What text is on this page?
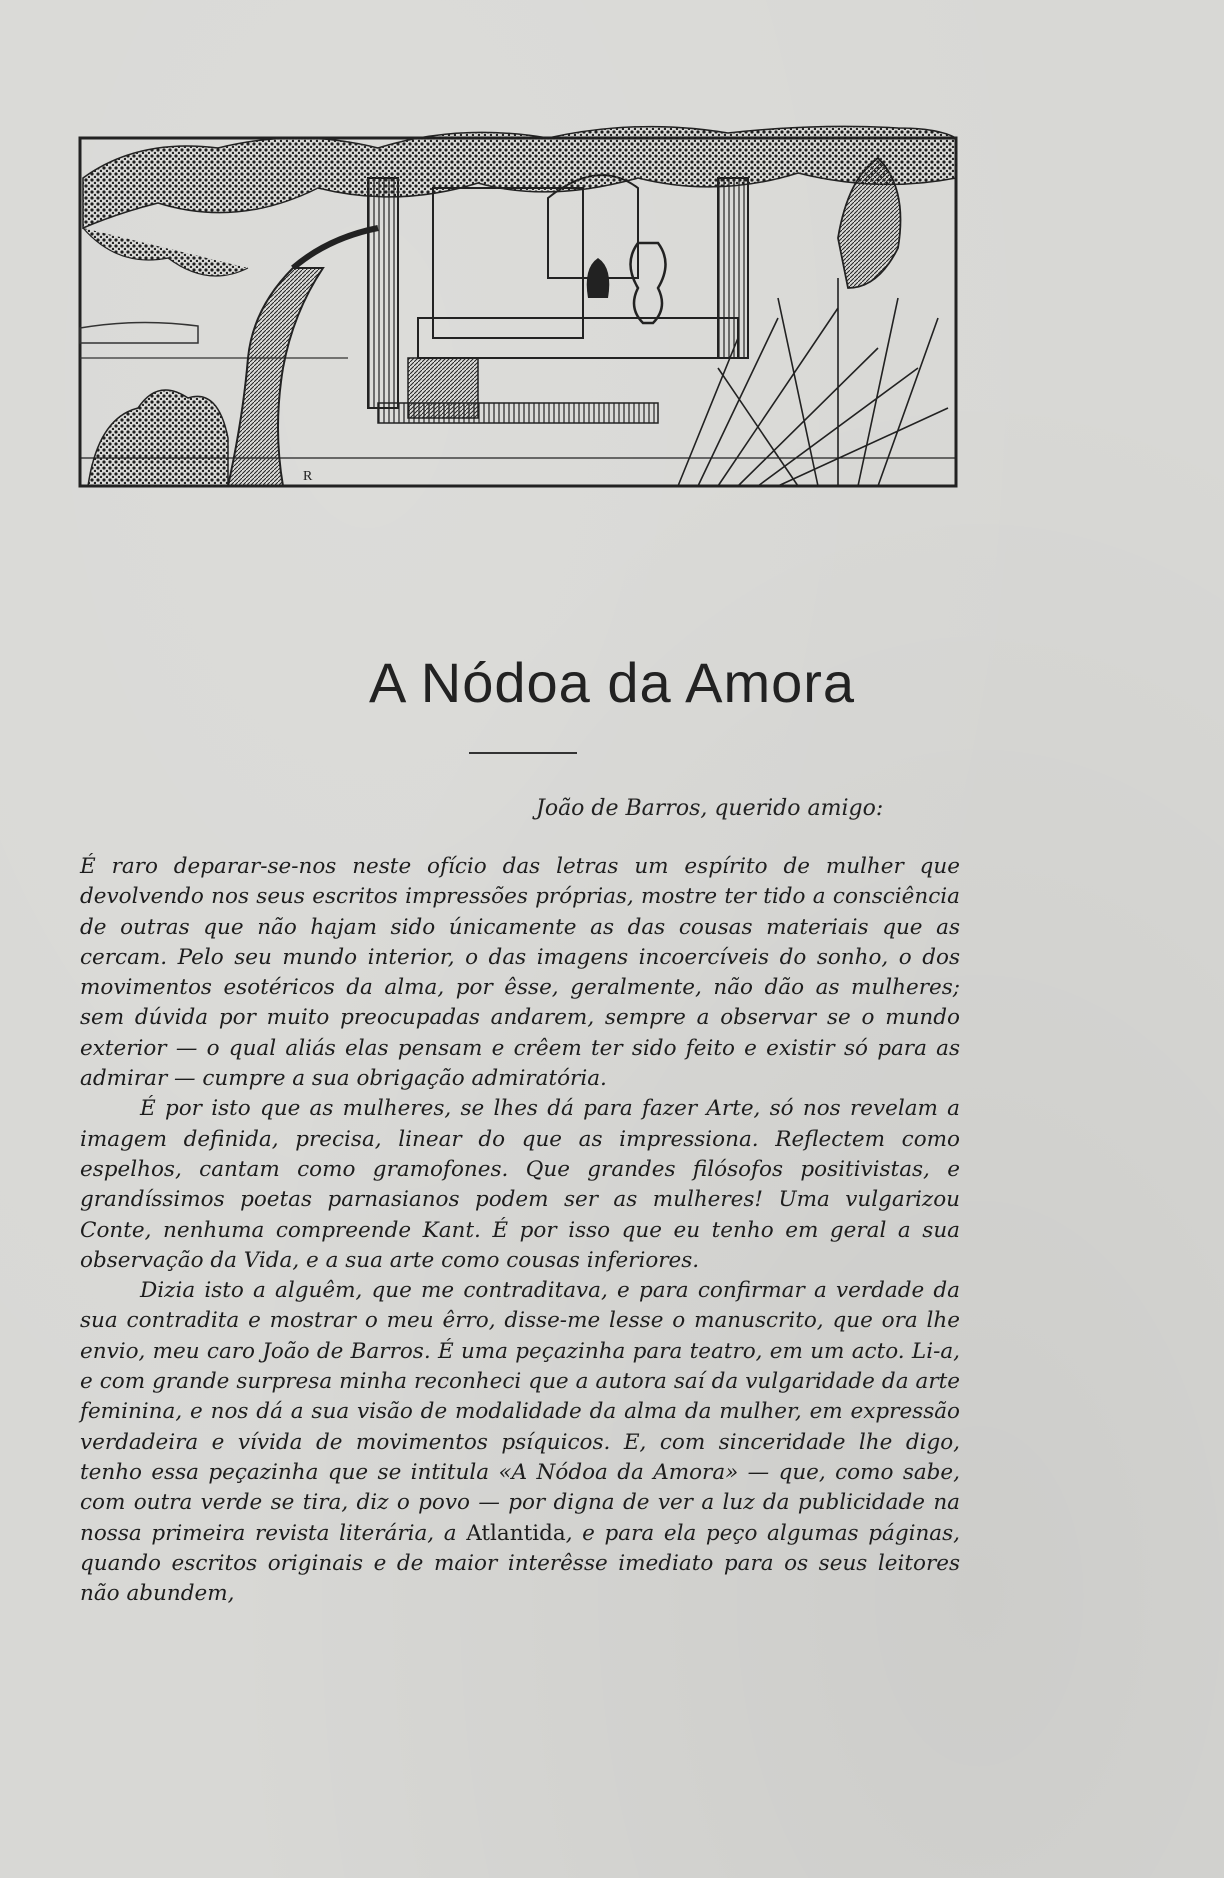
R
A Nódoa da Amora
João de Barros, querido amigo:

É raro deparar-se-nos neste ofício das letras um espírito de mulher que devolvendo nos seus escritos impressões próprias, mostre ter tido a consciência de outras que não hajam sido únicamente as das cousas materiais que as cercam. Pelo seu mundo interior, o das imagens incoercíveis do sonho, o dos movimentos esotéricos da alma, por êsse, geralmente, não dão as mulheres; sem dúvida por muito preocupadas andarem, sempre a observar se o mundo exterior — o qual aliás elas pensam e crêem ter sido feito e existir só para as admirar — cumpre a sua obrigação admiratória.

É por isto que as mulheres, se lhes dá para fazer Arte, só nos revelam a imagem definida, precisa, linear do que as impressiona. Reflectem como espelhos, cantam como gramofones. Que grandes filósofos positivistas, e grandíssimos poetas parnasianos podem ser as mulheres! Uma vulgarizou Conte, nenhuma compreende Kant. É por isso que eu tenho em geral a sua observação da Vida, e a sua arte como cousas inferiores.

Dizia isto a alguêm, que me contraditava, e para confirmar a verdade da sua contradita e mostrar o meu êrro, disse-me lesse o manuscrito, que ora lhe envio, meu caro João de Barros. É uma peçazinha para teatro, em um acto. Li-a, e com grande surpresa minha reconheci que a autora saí da vulgaridade da arte feminina, e nos dá a sua visão de modalidade da alma da mulher, em expressão verdadeira e vívida de movimentos psíquicos. E, com sinceridade lhe digo, tenho essa peçazinha que se intitula «A Nódoa da Amora» — que, como sabe, com outra verde se tira, diz o povo — por digna de ver a luz da publicidade na nossa primeira revista literária, a Atlantida, e para ela peço algumas páginas, quando escritos originais e de maior interêsse imediato para os seus leitores não abundem,
